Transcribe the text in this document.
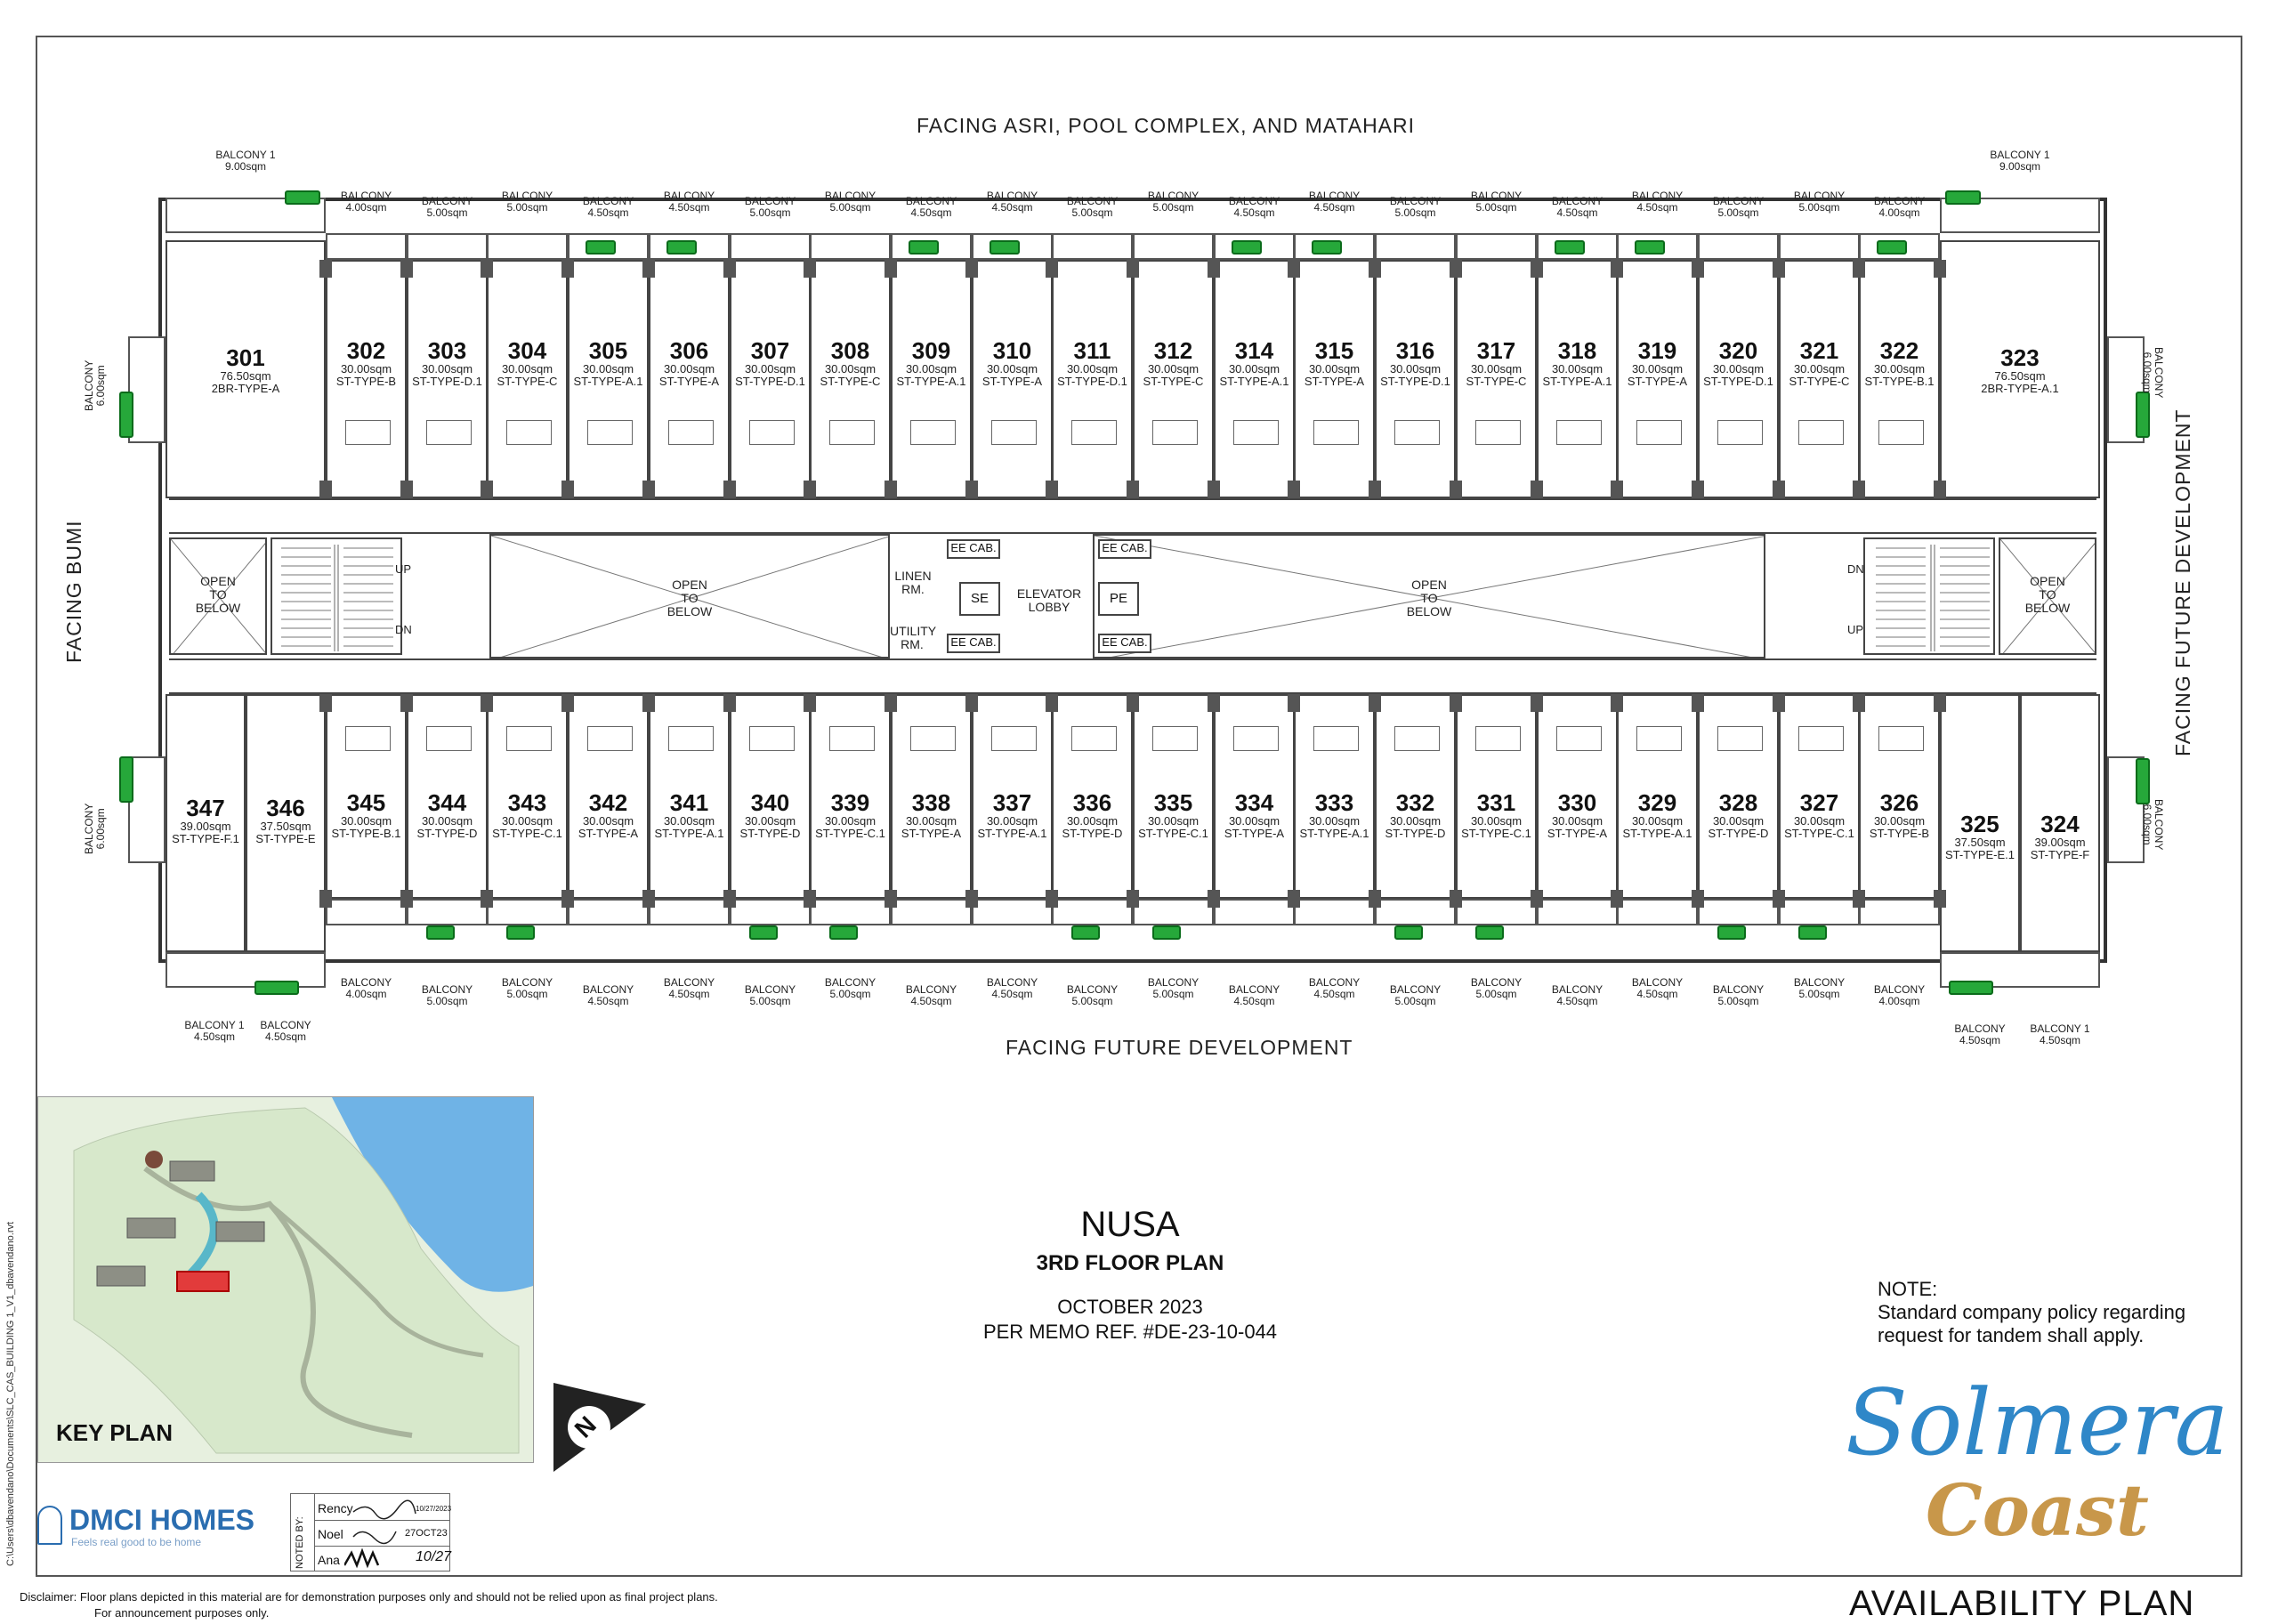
FACING ASRI, POOL COMPLEX, AND MATAHARI
FACING FUTURE DEVELOPMENT
FACING BUMI	FACING FUTURE DEVELOPMENT
302
30.00sqm
ST-TYPE-B
303
30.00sqm
ST-TYPE-D.1
304
30.00sqm
ST-TYPE-C
305
30.00sqm
ST-TYPE-A.1
306
30.00sqm
ST-TYPE-A
307
30.00sqm
ST-TYPE-D.1
308
30.00sqm
ST-TYPE-C
309
30.00sqm
ST-TYPE-A.1
310
30.00sqm
ST-TYPE-A
311
30.00sqm
ST-TYPE-D.1
312
30.00sqm
ST-TYPE-C
314
30.00sqm
ST-TYPE-A.1
315
30.00sqm
ST-TYPE-A
316
30.00sqm
ST-TYPE-D.1
317
30.00sqm
ST-TYPE-C
318
30.00sqm
ST-TYPE-A.1
319
30.00sqm
ST-TYPE-A
320
30.00sqm
ST-TYPE-D.1
321
30.00sqm
ST-TYPE-C
322
30.00sqm
ST-TYPE-B.1
345
30.00sqm
ST-TYPE-B.1
344
30.00sqm
ST-TYPE-D
343
30.00sqm
ST-TYPE-C.1
342
30.00sqm
ST-TYPE-A
341
30.00sqm
ST-TYPE-A.1
340
30.00sqm
ST-TYPE-D
339
30.00sqm
ST-TYPE-C.1
338
30.00sqm
ST-TYPE-A
337
30.00sqm
ST-TYPE-A.1
336
30.00sqm
ST-TYPE-D
335
30.00sqm
ST-TYPE-C.1
334
30.00sqm
ST-TYPE-A
333
30.00sqm
ST-TYPE-A.1
332
30.00sqm
ST-TYPE-D
331
30.00sqm
ST-TYPE-C.1
330
30.00sqm
ST-TYPE-A
329
30.00sqm
ST-TYPE-A.1
328
30.00sqm
ST-TYPE-D
327
30.00sqm
ST-TYPE-C.1
326
30.00sqm
ST-TYPE-B
BALCONY
4.00sqm	BALCONY
5.00sqm
BALCONY
5.00sqm	BALCONY
4.50sqm
BALCONY
4.50sqm	BALCONY
5.00sqm
BALCONY
5.00sqm	BALCONY
4.50sqm
BALCONY
4.50sqm	BALCONY
5.00sqm
BALCONY
5.00sqm	BALCONY
4.50sqm
BALCONY
4.50sqm	BALCONY
5.00sqm
BALCONY
5.00sqm	BALCONY
4.50sqm
BALCONY
4.50sqm	BALCONY
5.00sqm
BALCONY
5.00sqm	BALCONY
4.00sqm
BALCONY
4.00sqm	BALCONY
5.00sqm
BALCONY
5.00sqm	BALCONY
4.50sqm
BALCONY
4.50sqm	BALCONY
5.00sqm
BALCONY
5.00sqm	BALCONY
4.50sqm
BALCONY
4.50sqm	BALCONY
5.00sqm
BALCONY
5.00sqm	BALCONY
4.50sqm
BALCONY
4.50sqm	BALCONY
5.00sqm
BALCONY
5.00sqm	BALCONY
4.50sqm
BALCONY
4.50sqm	BALCONY
5.00sqm
BALCONY
5.00sqm	BALCONY
4.00sqm
301
76.50sqm
2BR-TYPE-A
323
76.50sqm
2BR-TYPE-A.1
347
39.00sqm
ST-TYPE-F.1
346
37.50sqm
ST-TYPE-E
325
37.50sqm
ST-TYPE-E.1
324
39.00sqm
ST-TYPE-F
BALCONY 1
9.00sqm
BALCONY 1
9.00sqm
BALCONY
6.00sqm	BALCONY
6.00sqm
BALCONY
6.00sqm	BALCONY
6.00sqm
BALCONY 1
4.50sqm
BALCONY
4.50sqm
BALCONY
4.50sqm
BALCONY 1
4.50sqm
OPEN
TO
BELOW
OPEN
TO
BELOW
UP
DN
DN
UP
OPEN
TO
BELOW
OPEN
TO
BELOW
LINEN
RM.
UTILITY
RM.
EE CAB.
EE CAB.
EE CAB.
EE CAB.
SE	PE
ELEVATOR
LOBBY
KEY PLAN	N
NUSA
3RD FLOOR PLAN
OCTOBER 2023
PER MEMO REF. #DE-23-10-044
NOTE:
Standard company policy regarding
request for tandem shall apply.
Solmera
Coast
AVAILABILITY PLAN
DMCI HOMES
Feels real good to be home	NOTED BY:
Rency	10/27/2023
Noel	27OCT23
Ana	10/27
C:\Users\dbavendano\Documents\SLC_CAS_BUILDING 1_V1_dbavendano.rvt
Disclaimer: Floor plans depicted in this material are for demonstration purposes only and should not be relied upon as final project plans.
For announcement purposes only.
